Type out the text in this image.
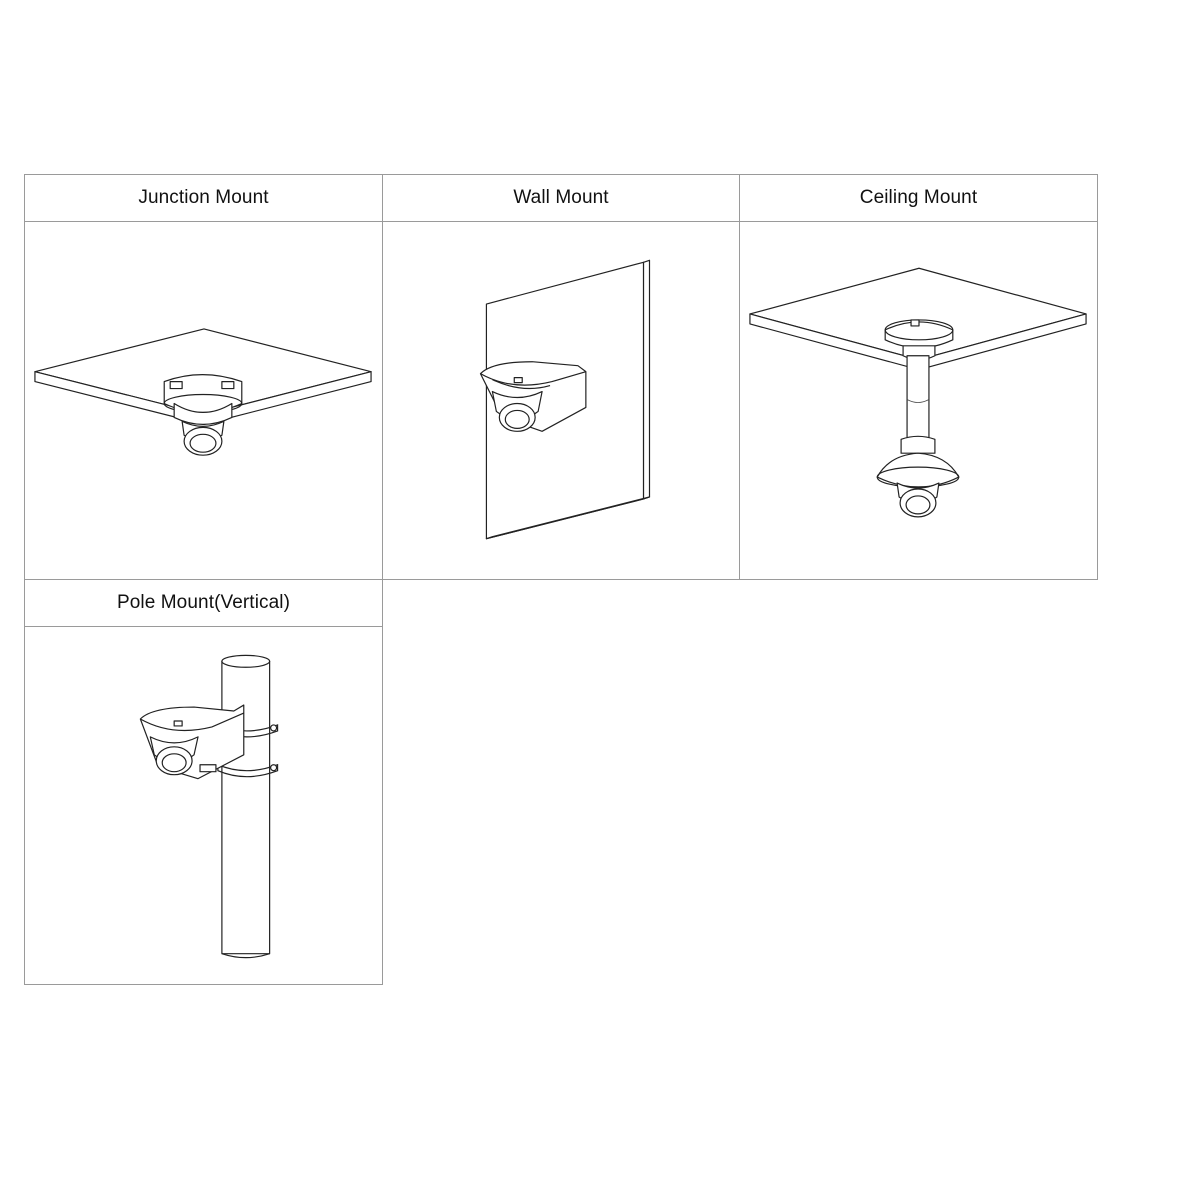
Junction Mount	Wall Mount	Ceiling Mount
Pole Mount(Vertical)
